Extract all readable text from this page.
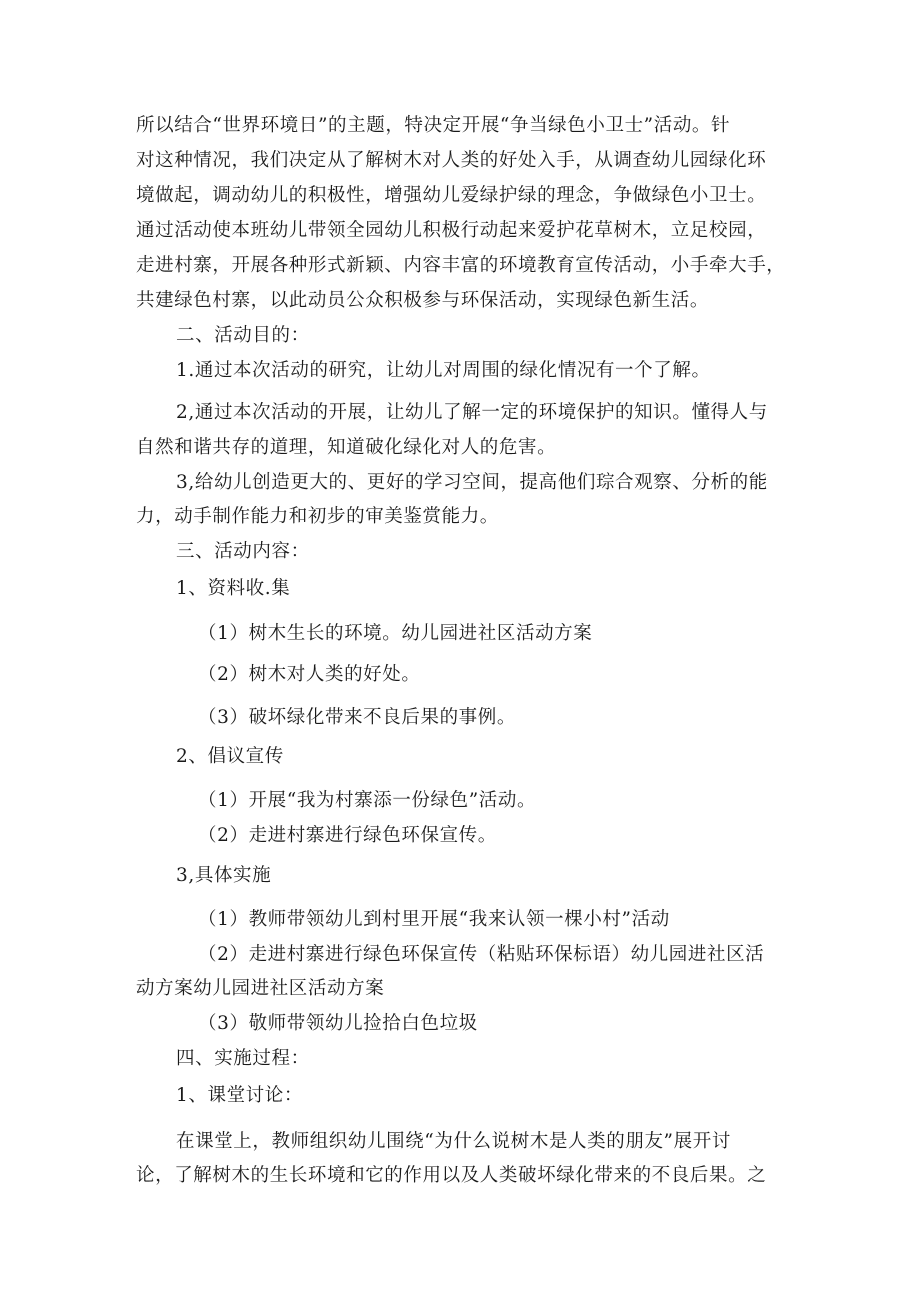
所以结合“世界环境日”的主题，特决定开展“争当绿色小卫士”活动。针
对这种情况，我们决定从了解树木对人类的好处入手，从调查幼儿园绿化环
境做起，调动幼儿的积极性，增强幼儿爱绿护绿的理念，争做绿色小卫士。
通过活动使本班幼儿带领全园幼儿积极行动起来爱护花草树木，立足校园，
走进村寨，开展各种形式新颖、内容丰富的环境教育宣传活动，小手牵大手，
共建绿色村寨，以此动员公众积极参与环保活动，实现绿色新生活。
二、活动目的：
1.通过本次活动的研究，让幼儿对周围的绿化情况有一个了解。
2,通过本次活动的开展，让幼儿了解一定的环境保护的知识。懂得人与
自然和谐共存的道理，知道破化绿化对人的危害。
3,给幼儿创造更大的、更好的学习空间，提高他们琮合观察、分析的能
力，动手制作能力和初步的审美鉴赏能力。
三、活动内容：
1、资料收.集
（1）树木生长的环境。幼儿园进社区活动方案
（2）树木对人类的好处。
（3）破坏绿化带来不良后果的事例。
2、倡议宣传
（1）开展“我为村寨添一份绿色”活动。
（2）走进村寨进行绿色环保宣传。
3,具体实施
（1）教师带领幼儿到村里开展“我来认领一棵小村”活动
（2）走进村寨进行绿色环保宣传（粘贴环保标语）幼儿园进社区活
动方案幼儿园进社区活动方案
（3）敬师带领幼儿捡拾白色垃圾
四、实施过程：
1、课堂讨论：
在课堂上，教师组织幼儿围绕“为什么说树木是人类的朋友”展开讨
论，了解树木的生长环境和它的作用以及人类破坏绿化带来的不良后果。之
